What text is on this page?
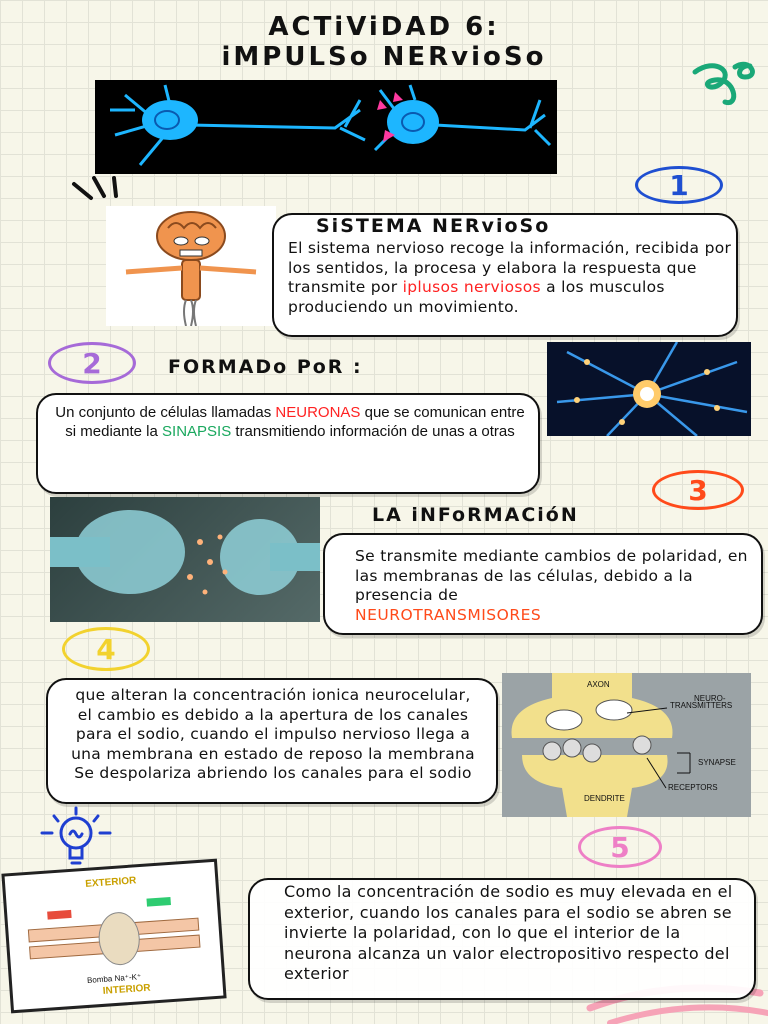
ACTiViDAD 6:
iMPULSo NERvioSo
1
SiSTEMA NERvioSo
El sistema nervioso recoge la información, recibida por los sentidos, la procesa y elabora la respuesta que transmite por iplusos nerviosos a los musculos produciendo un movimiento.
2	FORMADo PoR :
Un conjunto de células llamadas NEURONAS que se comunican entre si mediante la SINAPSIS transmitiendo información de unas a otras
3
LA iNFoRMACióN
Se transmite mediante cambios de polaridad, en las membranas de las células, debido a la presencia de
NEUROTRANSMISORES
4
que alteran la concentración ionica neurocelular, el cambio es debido a la apertura de los canales para el sodio, cuando el impulso nervioso llega a una membrana en estado de reposo la membrana Se despolariza abriendo los canales para el sodio
AXON
NEURO-
TRANSMITTERS
SYNAPSE
DENDRITE
RECEPTORS
5
EXTERIOR
Bomba Na⁺-K⁺
INTERIOR
Como la concentración de sodio es muy elevada en el exterior, cuando los canales para el sodio se abren se invierte la polaridad, con lo que el interior de la neurona alcanza un valor electropositivo respecto del exterior
